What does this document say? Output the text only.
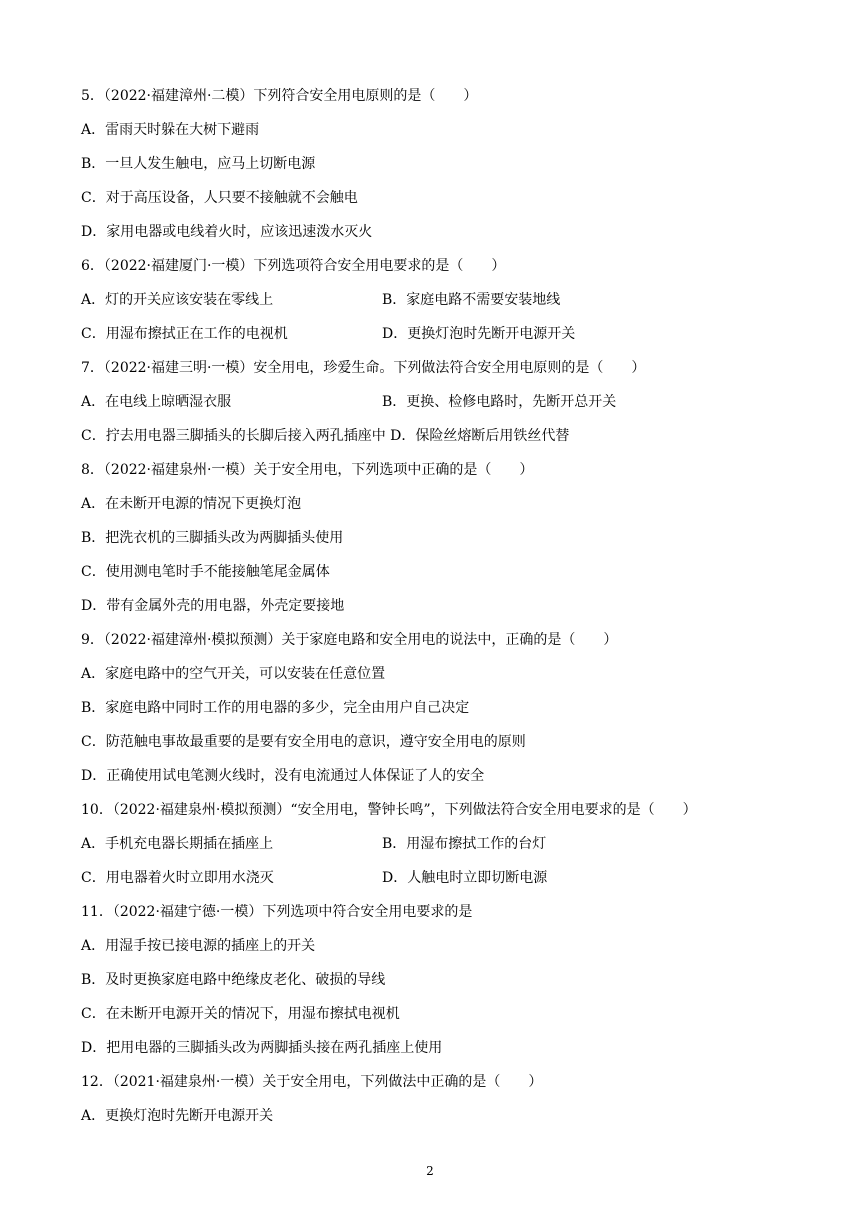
5．（2022·福建漳州·二模）下列符合安全用电原则的是（　　）
A．雷雨天时躲在大树下避雨
B．一旦人发生触电，应马上切断电源
C．对于高压设备，人只要不接触就不会触电
D．家用电器或电线着火时，应该迅速泼水灭火
6．（2022·福建厦门·一模）下列选项符合安全用电要求的是（　　）
A．灯的开关应该安装在零线上	B．家庭电路不需要安装地线
C．用湿布擦拭正在工作的电视机	D．更换灯泡时先断开电源开关
7．（2022·福建三明·一模）安全用电，珍爱生命。下列做法符合安全用电原则的是（　　）
A．在电线上晾晒湿衣服	B．更换、检修电路时，先断开总开关
C．拧去用电器三脚插头的长脚后接入两孔插座中 D．保险丝熔断后用铁丝代替
8．（2022·福建泉州·一模）关于安全用电，下列选项中正确的是（　　）
A．在未断开电源的情况下更换灯泡
B．把洗衣机的三脚插头改为两脚插头使用
C．使用测电笔时手不能接触笔尾金属体
D．带有金属外壳的用电器，外壳定要接地
9．（2022·福建漳州·模拟预测）关于家庭电路和安全用电的说法中，正确的是（　　）
A．家庭电路中的空气开关，可以安装在任意位置
B．家庭电路中同时工作的用电器的多少，完全由用户自己决定
C．防范触电事故最重要的是要有安全用电的意识，遵守安全用电的原则
D．正确使用试电笔测火线时，没有电流通过人体保证了人的安全
10．（2022·福建泉州·模拟预测）“安全用电，警钟长鸣”，下列做法符合安全用电要求的是（　　）
A．手机充电器长期插在插座上	B．用湿布擦拭工作的台灯
C．用电器着火时立即用水浇灭	D．人触电时立即切断电源
11．（2022·福建宁德·一模）下列选项中符合安全用电要求的是
A．用湿手按已接电源的插座上的开关
B．及时更换家庭电路中绝缘皮老化、破损的导线
C．在未断开电源开关的情况下，用湿布擦拭电视机
D．把用电器的三脚插头改为两脚插头接在两孔插座上使用
12．（2021·福建泉州·一模）关于安全用电，下列做法中正确的是（　　）
A．更换灯泡时先断开电源开关
2
